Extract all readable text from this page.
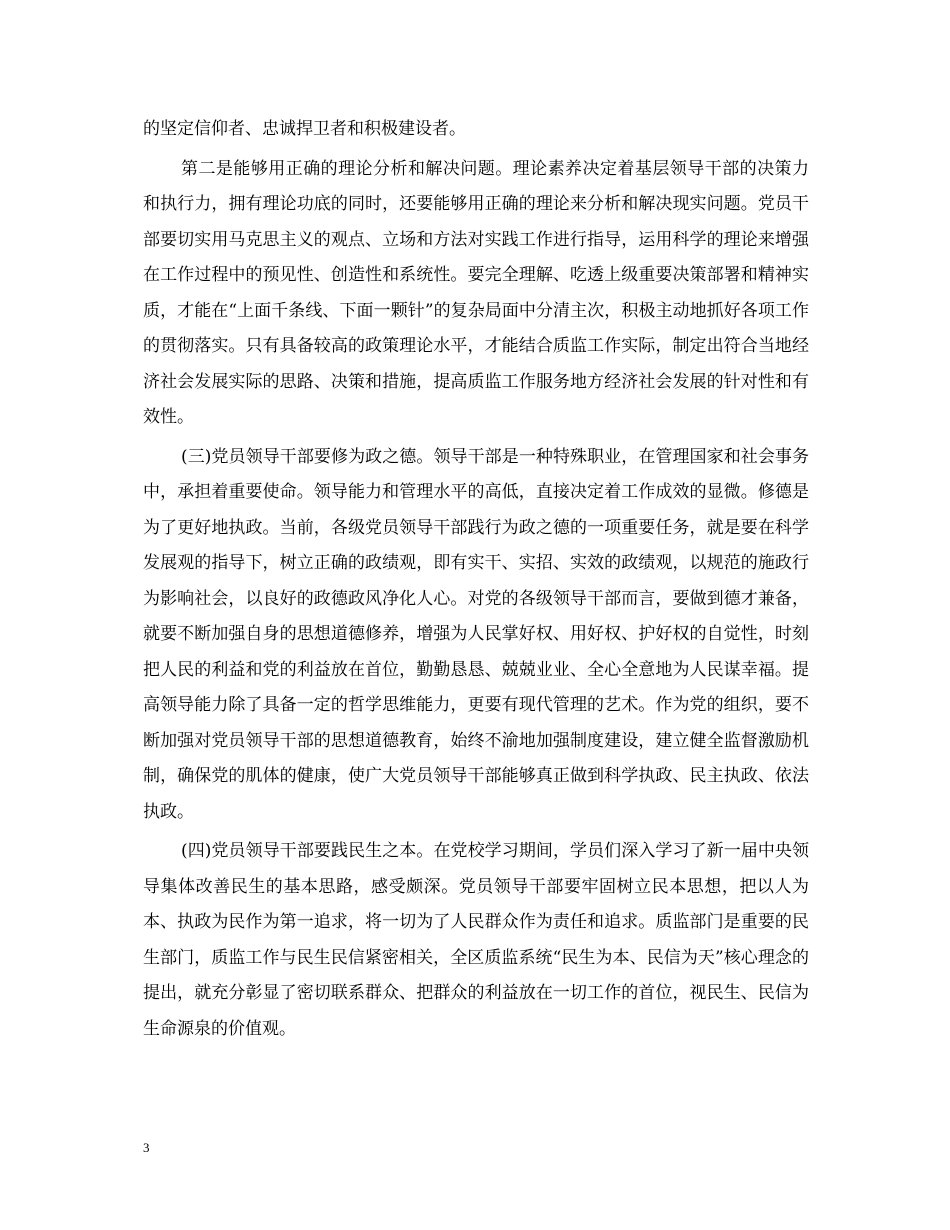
的坚定信仰者、忠诚捍卫者和积极建设者。

第二是能够用正确的理论分析和解决问题。理论素养决定着基层领导干部的决策力和执行力，拥有理论功底的同时，还要能够用正确的理论来分析和解决现实问题。党员干部要切实用马克思主义的观点、立场和方法对实践工作进行指导，运用科学的理论来增强在工作过程中的预见性、创造性和系统性。要完全理解、吃透上级重要决策部署和精神实质，才能在“上面千条线、下面一颗针”的复杂局面中分清主次，积极主动地抓好各项工作的贯彻落实。只有具备较高的政策理论水平，才能结合质监工作实际，制定出符合当地经济社会发展实际的思路、决策和措施，提高质监工作服务地方经济社会发展的针对性和有效性。

(三)党员领导干部要修为政之德。领导干部是一种特殊职业，在管理国家和社会事务中，承担着重要使命。领导能力和管理水平的高低，直接决定着工作成效的显微。修德是为了更好地执政。当前，各级党员领导干部践行为政之德的一项重要任务，就是要在科学发展观的指导下，树立正确的政绩观，即有实干、实招、实效的政绩观，以规范的施政行为影响社会，以良好的政德政风净化人心。对党的各级领导干部而言，要做到德才兼备，就要不断加强自身的思想道德修养，增强为人民掌好权、用好权、护好权的自觉性，时刻把人民的利益和党的利益放在首位，勤勤恳恳、兢兢业业、全心全意地为人民谋幸福。提高领导能力除了具备一定的哲学思维能力，更要有现代管理的艺术。作为党的组织，要不断加强对党员领导干部的思想道德教育，始终不渝地加强制度建设，建立健全监督激励机制，确保党的肌体的健康，使广大党员领导干部能够真正做到科学执政、民主执政、依法执政。

(四)党员领导干部要践民生之本。在党校学习期间，学员们深入学习了新一届中央领导集体改善民生的基本思路，感受颇深。党员领导干部要牢固树立民本思想，把以人为本、执政为民作为第一追求，将一切为了人民群众作为责任和追求。质监部门是重要的民生部门，质监工作与民生民信紧密相关，全区质监系统“民生为本、民信为天”核心理念的提出，就充分彰显了密切联系群众、把群众的利益放在一切工作的首位，视民生、民信为生命源泉的价值观。

3
